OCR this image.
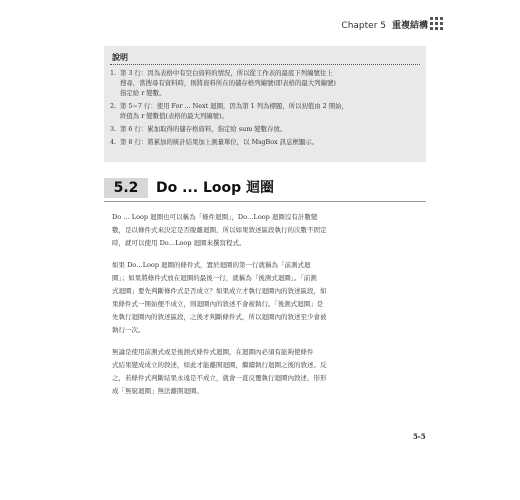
Chapter 5 重複結構
說明
1. 第 3 行：因為表格中有空白資料的情況，所以從工作表的最底下列編號往上
搜尋，當搜尋有資料時，則將資料所在的儲存格列編號(即表格的最大列編號)
指定給 r 變數。
2. 第 5~7 行：使用 For ... Next 迴圈，因為第 1 列為標題，所以初值由 2 開始，
終值為 r 變數值(表格的最大列編號)。
3. 第 6 行：累加取得的儲存格資料，指定給 sum 變數存放。
4. 第 8 行：將累加的統計結果加上測量單位，以 MsgBox 訊息框顯示。
5.2	Do ... Loop 迴圈
Do … Loop 迴圈也可以稱為「條件迴圈」，Do…Loop 迴圈沒有計數變
數，是以條件式來決定是否脫離迴圈，所以如果敘述區段執行的次數不固定
時，就可以使用 Do…Loop 迴圈來撰寫程式。
如果 Do…Loop 迴圈的條件式，置於迴圈的第一行就稱為「前測式迴
圈」；如果將條件式放在迴圈的最後一行，就稱為「後測式迴圈」。「前測
式迴圈」要先判斷條件式是否成立？如果成立才執行迴圈內的敘述區段，如
果條件式一開始便不成立，則迴圈內的敘述不會被執行。「後測式迴圈」是
先執行迴圈內的敘述區段，之後才判斷條件式，所以迴圈內的敘述至少會被
執行一次。
無論是使用前測式或是後測式條件式迴圈，在迴圈內必須有能夠使條件
式結果變成成立的敘述，如此才能離開迴圈，繼續執行迴圈之後的敘述。反
之，若條件式判斷結果永遠是不成立，就會一直反覆執行迴圈內敘述，形形
成「無窮迴圈」無法離開迴圈。
5-5
